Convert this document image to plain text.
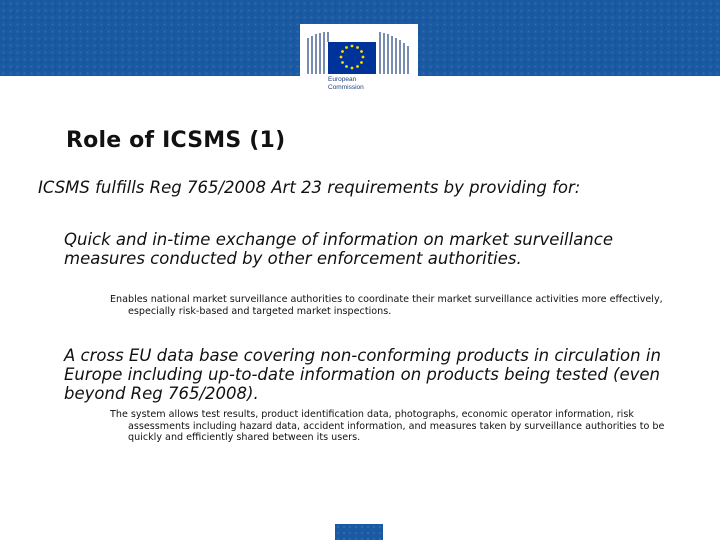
European
Commission
Role of ICSMS (1)

ICSMS fulfills Reg 765/2008 Art 23 requirements by providing for:

Quick and in-time exchange of information on market surveillance measures conducted by other enforcement authorities.

Enables national market surveillance authorities to coordinate their market surveillance activities more effectively, especially risk-based and targeted market inspections.

A cross EU data base covering non-conforming products in circulation in Europe including up-to-date information on products being tested (even beyond Reg 765/2008).

The system allows test results, product identification data, photographs, economic operator information, risk assessments including hazard data, accident information, and measures taken by surveillance authorities to be quickly and efficiently shared between its users.
